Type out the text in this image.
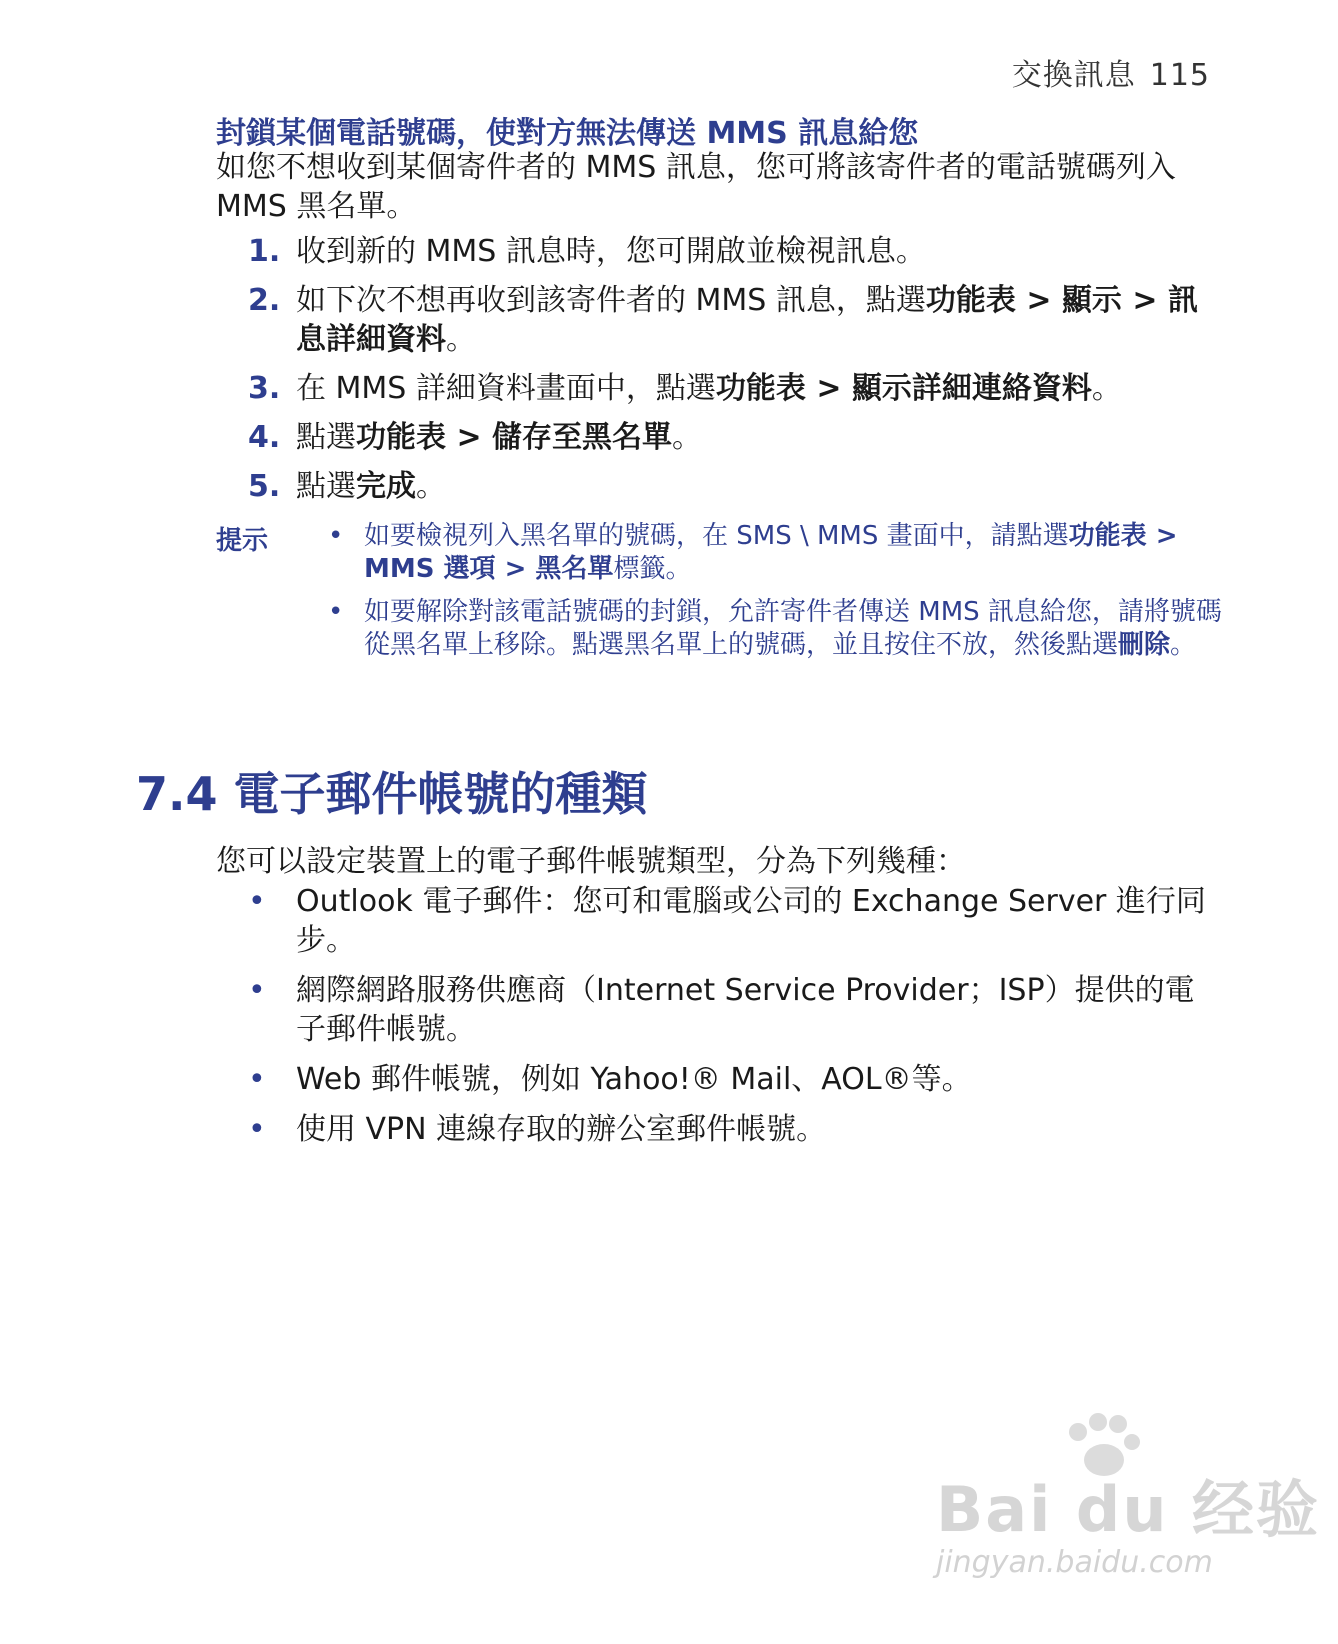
交換訊息 115
封鎖某個電話號碼，使對方無法傳送 MMS 訊息給您
如您不想收到某個寄件者的 MMS 訊息，您可將該寄件者的電話號碼列入 MMS 黑名單。
1. 收到新的 MMS 訊息時，您可開啟並檢視訊息。
2. 如下次不想再收到該寄件者的 MMS 訊息，點選功能表 > 顯示 > 訊息詳細資料。
3. 在 MMS 詳細資料畫面中，點選功能表 > 顯示詳細連絡資料。
4. 點選功能表 > 儲存至黑名單。
5. 點選完成。
提示 • 如要檢視列入黑名單的號碼，在 SMS \ MMS 畫面中，請點選功能表 > MMS 選項 > 黑名單標籤。
• 如要解除對該電話號碼的封鎖，允許寄件者傳送 MMS 訊息給您，請將號碼從黑名單上移除。點選黑名單上的號碼，並且按住不放，然後點選刪除。
7.4 電子郵件帳號的種類
您可以設定裝置上的電子郵件帳號類型，分為下列幾種：
• Outlook 電子郵件：您可和電腦或公司的 Exchange Server 進行同步。
• 網際網路服務供應商（Internet Service Provider；ISP）提供的電子郵件帳號。
• Web 郵件帳號，例如 Yahoo!® Mail、AOL®等。
• 使用 VPN 連線存取的辦公室郵件帳號。
Bai du 经验
jingyan.baidu.com
